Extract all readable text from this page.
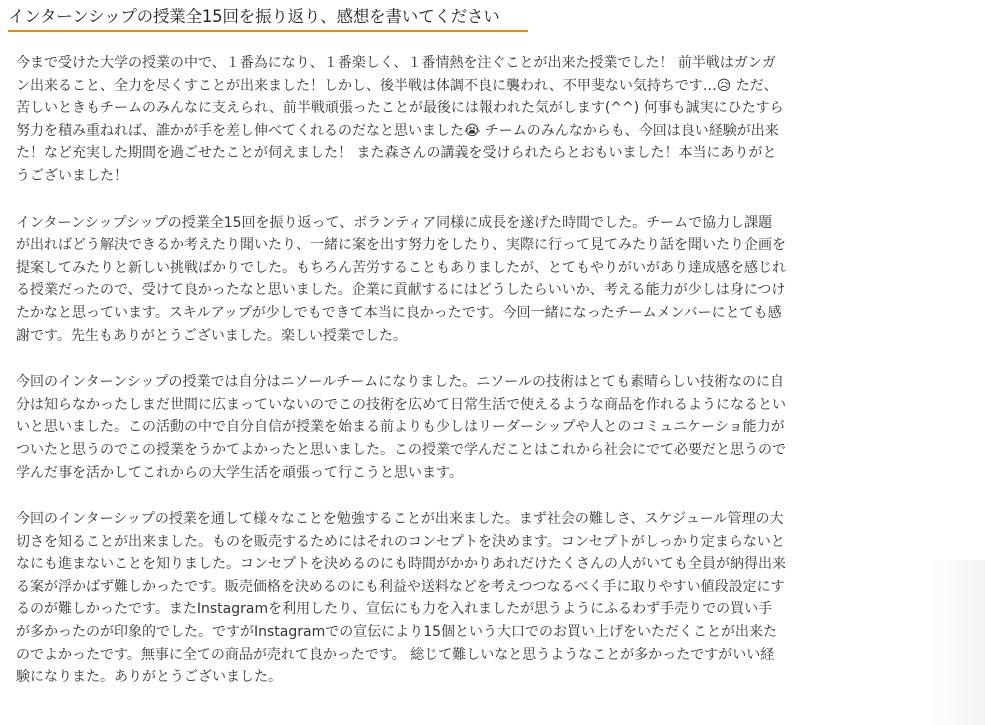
インターンシップの授業全15回を振り返り、感想を書いてください

今まで受けた大学の授業の中で、１番為になり、１番楽しく、１番情熱を注ぐことが出来た授業でした！ 前半戦はガンガン出来ること、全力を尽くすことが出来ました！しかし、後半戦は体調不良に襲われ、不甲斐ない気持ちです…😥 ただ、苦しいときもチームのみんなに支えられ、前半戦頑張ったことが最後には報われた気がします(^^) 何事も誠実にひたすら努力を積み重ねれば、誰かが手を差し伸べてくれるのだなと思いました😭 チームのみんなからも、今回は良い経験が出来た！など充実した期間を過ごせたことが伺えました！ また森さんの講義を受けられたらとおもいました！本当にありがとうございました！

インターンシップシップの授業全15回を振り返って、ボランティア同様に成長を遂げた時間でした。チームで協力し課題が出ればどう解決できるか考えたり聞いたり、一緒に案を出す努力をしたり、実際に行って見てみたり話を聞いたり企画を提案してみたりと新しい挑戦ばかりでした。もちろん苦労することもありましたが、とてもやりがいがあり達成感を感じれる授業だったので、受けて良かったなと思いました。企業に貢献するにはどうしたらいいか、考える能力が少しは身につけたかなと思っています。スキルアップが少しでもできて本当に良かったです。今回一緒になったチームメンバーにとても感謝です。先生もありがとうございました。楽しい授業でした。

今回のインターンシップの授業では自分はニソールチームになりました。ニソールの技術はとても素晴らしい技術なのに自分は知らなかったしまだ世間に広まっていないのでこの技術を広めて日常生活で使えるような商品を作れるようになるといいと思いました。この活動の中で自分自信が授業を始まる前よりも少しはリーダーシップや人とのコミュニケーショ能力がついたと思うのでこの授業をうかてよかったと思いました。この授業で学んだことはこれから社会にでて必要だと思うので学んだ事を活かしてこれからの大学生活を頑張って行こうと思います。

今回のインターシップの授業を通して様々なことを勉強することが出来ました。まず社会の難しさ、スケジュール管理の大切さを知ることが出来ました。ものを販売するためにはそれのコンセプトを決めます。コンセプトがしっかり定まらないとなにも進まないことを知りました。コンセプトを決めるのにも時間がかかりあれだけたくさんの人がいても全員が納得出来る案が浮かばず難しかったです。販売価格を決めるのにも利益や送料などを考えつつなるべく手に取りやすい値段設定にするのが難しかったです。またInstagramを利用したり、宣伝にも力を入れましたが思うようにふるわず手売りでの買い手が多かったのが印象的でした。ですがInstagramでの宣伝により15個という大口でのお買い上げをいただくことが出来たのでよかったです。無事に全ての商品が売れて良かったです。 総じて難しいなと思うようなことが多かったですがいい経験になりまた。ありがとうございました。
